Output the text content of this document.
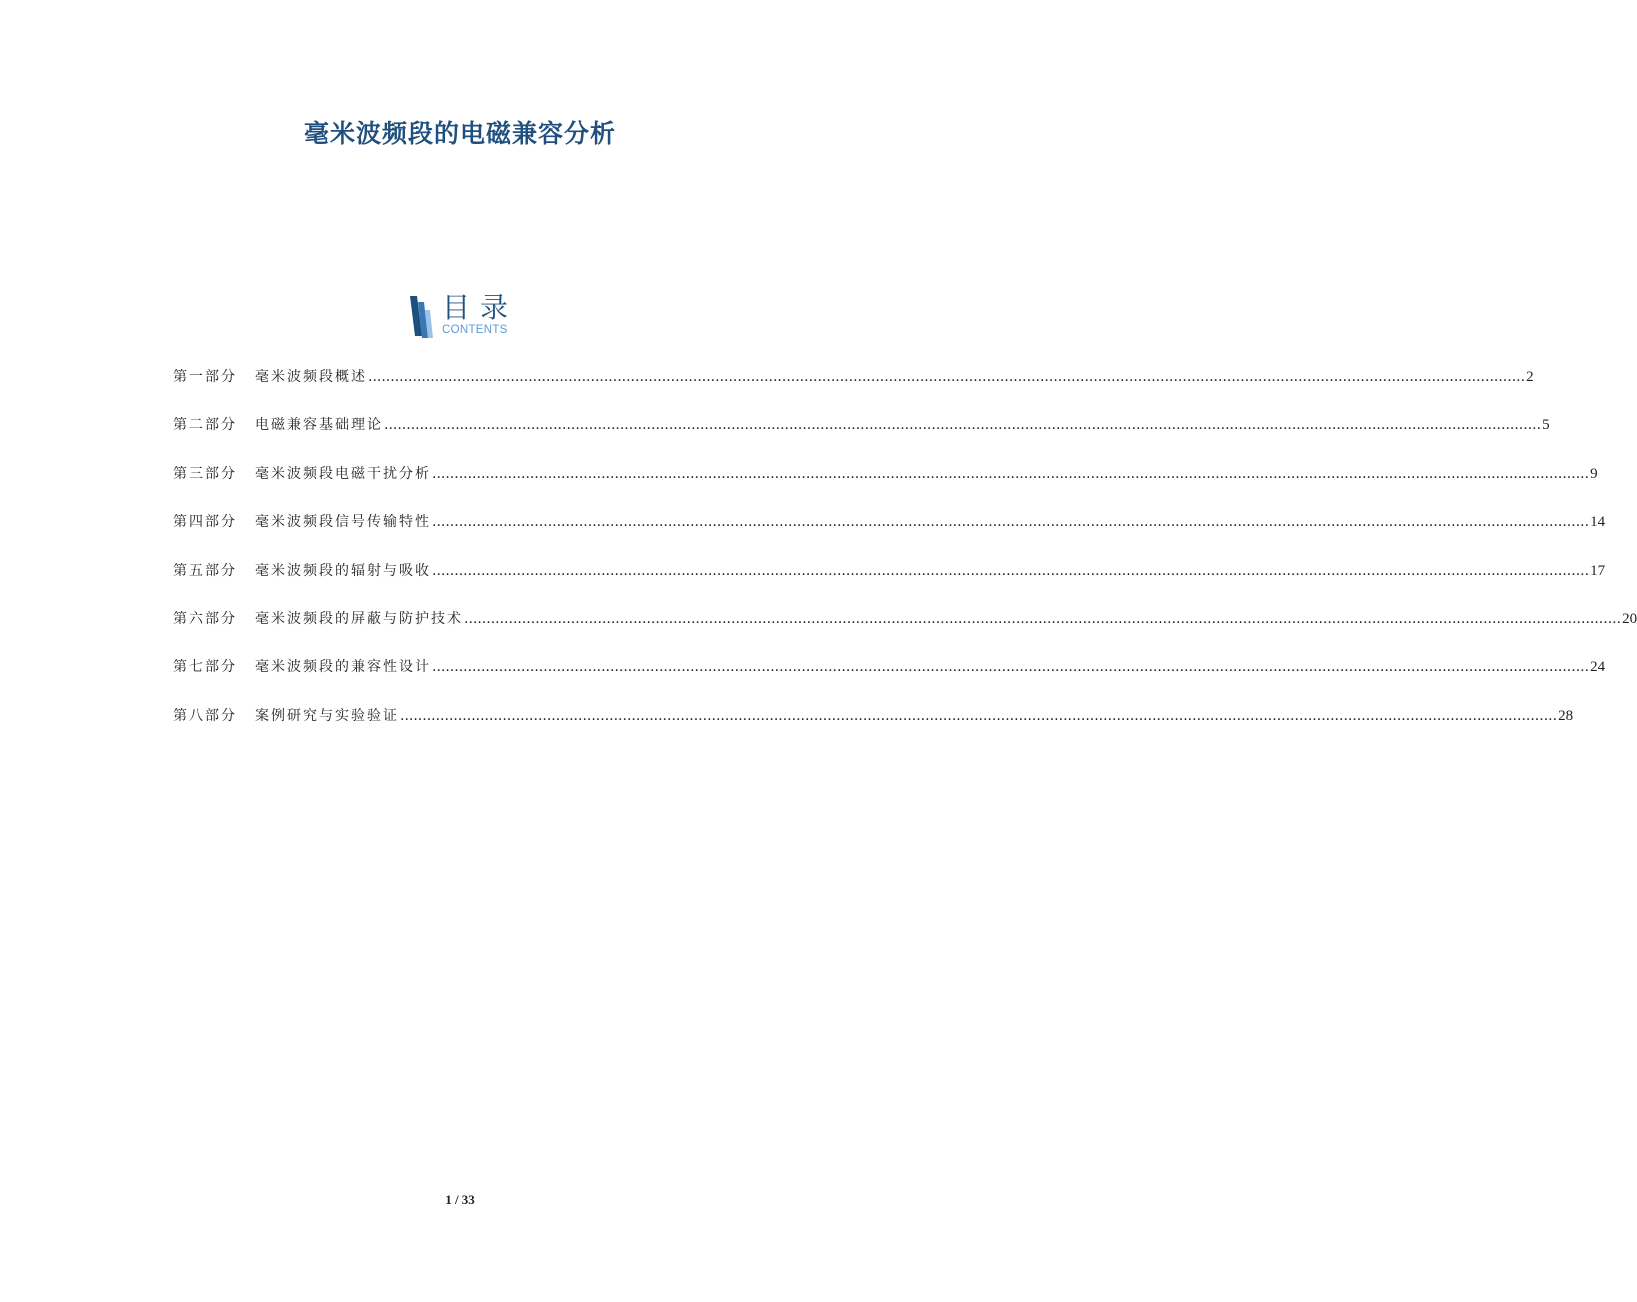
毫米波频段的电磁兼容分析
目录
CONTENTS
第一部分	毫米波频段概述 .................................................................................................................................................................................................................................................................... 2
第二部分	电磁兼容基础理论 .................................................................................................................................................................................................................................................................... 5
第三部分	毫米波频段电磁干扰分析 .................................................................................................................................................................................................................................................................... 9
第四部分	毫米波频段信号传输特性 .................................................................................................................................................................................................................................................................... 14
第五部分	毫米波频段的辐射与吸收 .................................................................................................................................................................................................................................................................... 17
第六部分	毫米波频段的屏蔽与防护技术 .................................................................................................................................................................................................................................................................... 20
第七部分	毫米波频段的兼容性设计 .................................................................................................................................................................................................................................................................... 24
第八部分	案例研究与实验验证 .................................................................................................................................................................................................................................................................... 28
1 / 33
